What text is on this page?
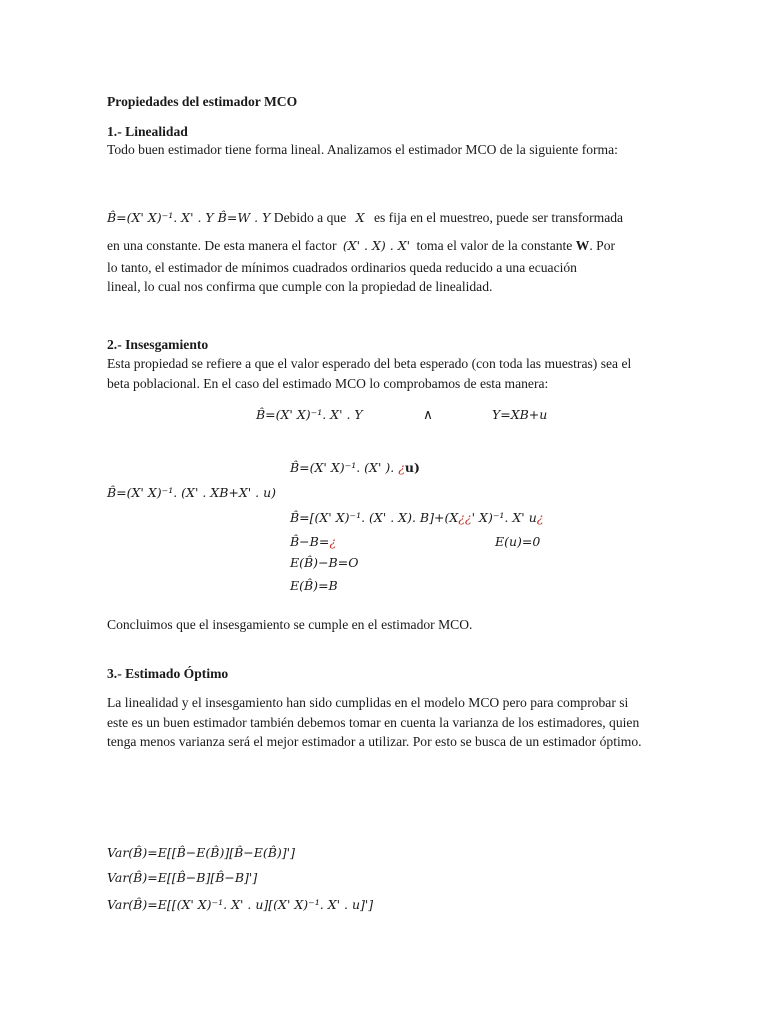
Propiedades del estimador MCO
1.- Linealidad
Todo buen estimador tiene forma lineal. Analizamos el estimador MCO de la siguiente forma:
B̂=(X' X)⁻¹. X' . Y B̂=W . Y Debido a que X es fija en el muestreo, puede ser transformada
en una constante. De esta manera el factor (X' . X) . X' toma el valor de la constante W. Por
lo tanto, el estimador de mínimos cuadrados ordinarios queda reducido a una ecuación
lineal, lo cual nos confirma que cumple con la propiedad de linealidad.
2.- Insesgamiento
Esta propiedad se refiere a que el valor esperado del beta esperado (con toda las muestras) sea el beta poblacional. En el caso del estimado MCO lo comprobamos de esta manera:
B̂=(X' X)⁻¹. X' . Y	∧	Y=XB+u
B̂=(X' X)⁻¹. (X' ). ¿u)
B̂=(X' X)⁻¹. (X' . XB+X' . u)
B̂=[(X' X)⁻¹. (X' . X). B]+(X¿¿' X)⁻¹. X' u¿
B̂−B=¿	E(u)=0
E(B̂)−B=O
E(B̂)=B
Concluimos que el insesgamiento se cumple en el estimador MCO.
3.- Estimado Óptimo
La linealidad y el insesgamiento han sido cumplidas en el modelo MCO pero para comprobar si este es un buen estimador también debemos tomar en cuenta la varianza de los estimadores, quien tenga menos varianza será el mejor estimador a utilizar. Por esto se busca de un estimador óptimo.
Var(B̂)=E[[B̂−E(B̂)][B̂−E(B̂)]']
Var(B̂)=E[[B̂−B][B̂−B]']
Var(B̂)=E[[(X' X)⁻¹. X' . u][(X' X)⁻¹. X' . u]']
